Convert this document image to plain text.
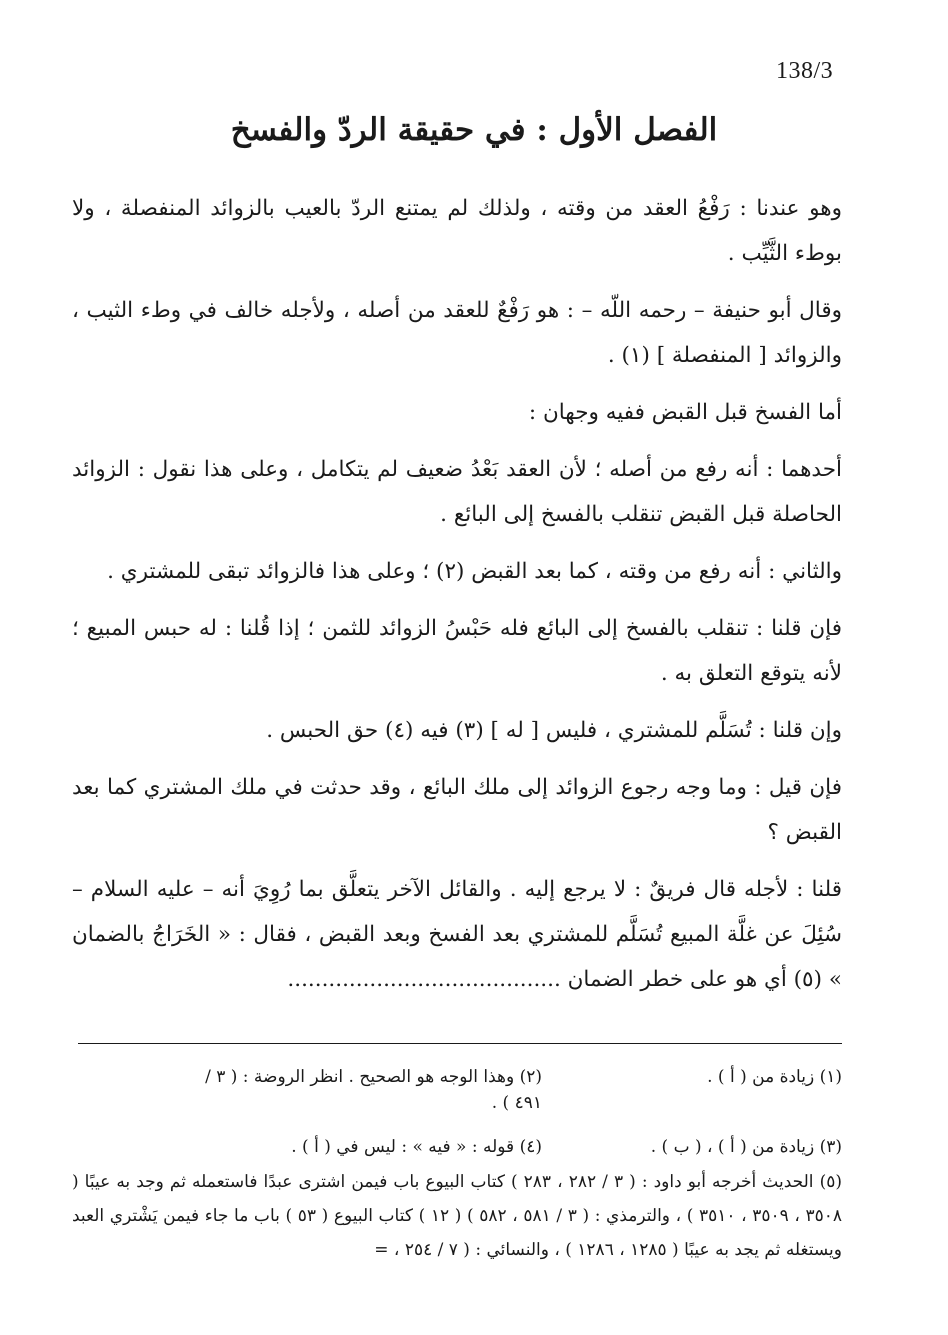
138/3
الفصل الأول : في حقيقة الردّ والفسخ

وهو عندنا : رَفْعُ العقد من وقته ، ولذلك لم يمتنع الردّ بالعيب بالزوائد المنفصلة ، ولا بوطء الثَّيِّب .

وقال أبو حنيفة – رحمه اللّه – : هو رَفْعٌ للعقد من أصله ، ولأجله خالف في وطء الثيب ، والزوائد [ المنفصلة ] (١) .

أما الفسخ قبل القبض ففيه وجهان :

أحدهما : أنه رفع من أصله ؛ لأن العقد بَعْدُ ضعيف لم يتكامل ، وعلى هذا نقول : الزوائد الحاصلة قبل القبض تنقلب بالفسخ إلى البائع .

والثاني : أنه رفع من وقته ، كما بعد القبض (٢) ؛ وعلى هذا فالزوائد تبقى للمشتري .

فإن قلنا : تنقلب بالفسخ إلى البائع فله حَبْسُ الزوائد للثمن ؛ إذا قُلنا : له حبس المبيع ؛ لأنه يتوقع التعلق به .

وإن قلنا : تُسَلَّم للمشتري ، فليس [ له ] (٣) فيه (٤) حق الحبس .

فإن قيل : وما وجه رجوع الزوائد إلى ملك البائع ، وقد حدثت في ملك المشتري كما بعد القبض ؟

قلنا : لأجله قال فريقٌ : لا يرجع إليه . والقائل الآخر يتعلَّق بما رُوِيَ أنه – عليه السلام – سُئِلَ عن غلَّة المبيع تُسَلَّم للمشتري بعد الفسخ وبعد القبض ، فقال : « الخَرَاجُ بالضمان » (٥) أي هو على خطر الضمان ........................................

(١) زيادة من ( أ ) .
(٢) وهذا الوجه هو الصحيح . انظر الروضة : ( ٣ / ٤٩١ ) .
(٣) زيادة من ( أ ) ، ( ب ) .
(٤) قوله : « فيه » : ليس في ( أ ) .
(٥) الحديث أخرجه أبو داود : ( ٣ / ٢٨٢ ، ٢٨٣ ) كتاب البيوع باب فيمن اشترى عبدًا فاستعمله ثم وجد به عيبًا ( ٣٥٠٨ ، ٣٥٠٩ ، ٣٥١٠ ) ، والترمذي : ( ٣ / ٥٨١ ، ٥٨٢ ) ( ١٢ ) كتاب البيوع ( ٥٣ ) باب ما جاء فيمن يَشْتري العبد ويستغله ثم يجد به عيبًا ( ١٢٨٥ ، ١٢٨٦ ) ، والنسائي : ( ٧ / ٢٥٤ ، =
